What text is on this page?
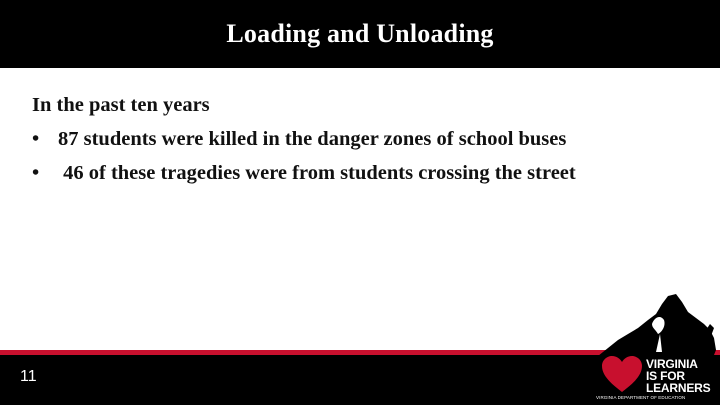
Loading and Unloading
In the past ten years
• 87 students were killed in the danger zones of school buses
• 46 of these tragedies were from students crossing the street
11
VIRGINIA
IS FOR
LEARNERS
VIRGINIA DEPARTMENT OF EDUCATION
